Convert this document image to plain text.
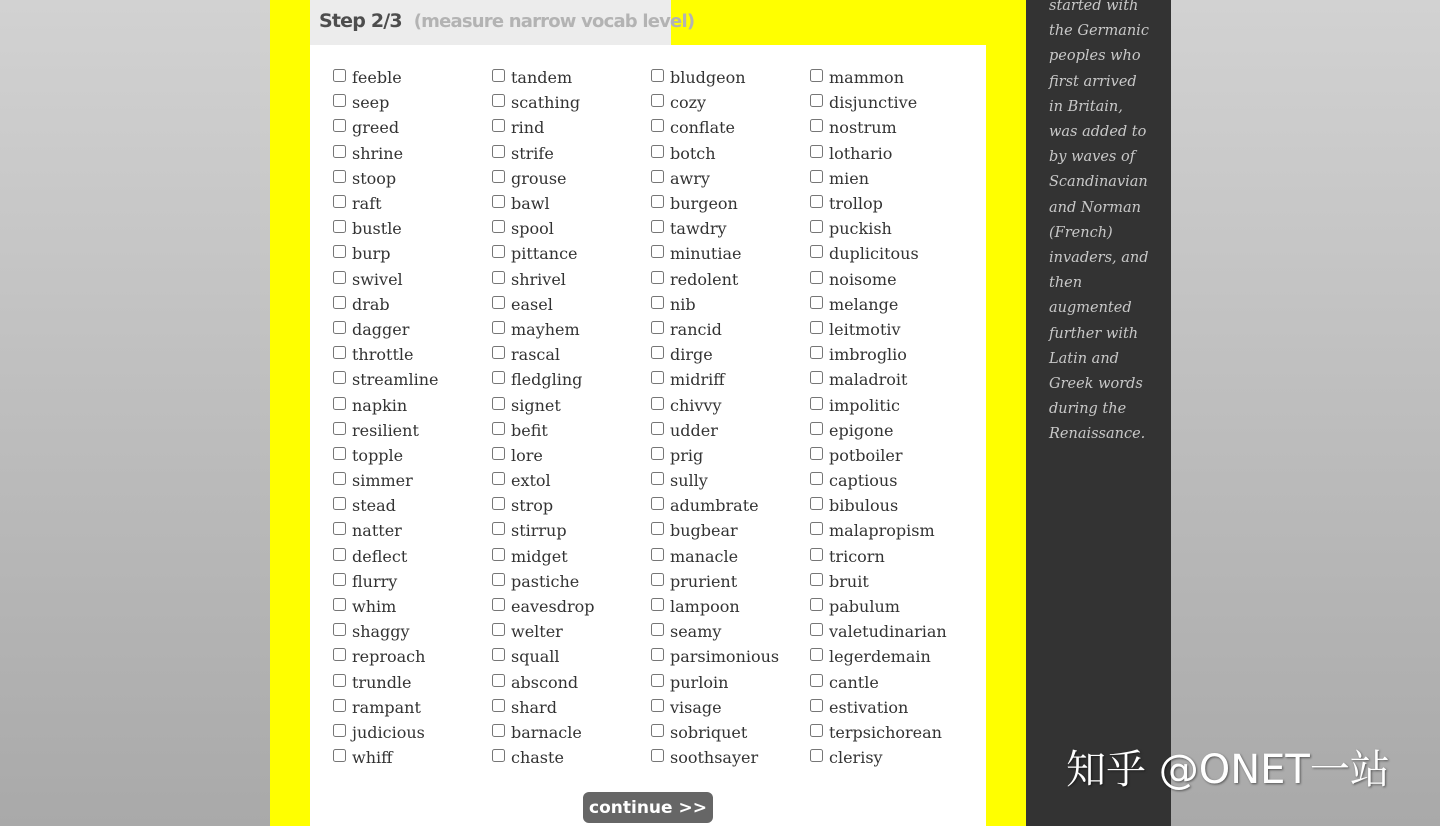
started with
the Germanic
peoples who
first arrived
in Britain,
was added to
by waves of
Scandinavian
and Norman
(French)
invaders, and
then
augmented
further with
Latin and
Greek words
during the
Renaissance.
Step 2/3 (measure narrow vocab level)
feeble	tandem	bludgeon	mammon
seep	scathing	cozy	disjunctive
greed	rind	conflate	nostrum
shrine	strife	botch	lothario
stoop	grouse	awry	mien
raft	bawl	burgeon	trollop
bustle	spool	tawdry	puckish
burp	pittance	minutiae	duplicitous
swivel	shrivel	redolent	noisome
drab	easel	nib	melange
dagger	mayhem	rancid	leitmotiv
throttle	rascal	dirge	imbroglio
streamline	fledgling	midriff	maladroit
napkin	signet	chivvy	impolitic
resilient	befit	udder	epigone
topple	lore	prig	potboiler
simmer	extol	sully	captious
stead	strop	adumbrate	bibulous
natter	stirrup	bugbear	malapropism
deflect	midget	manacle	tricorn
flurry	pastiche	prurient	bruit
whim	eavesdrop	lampoon	pabulum
shaggy	welter	seamy	valetudinarian
reproach	squall	parsimonious	legerdemain
trundle	abscond	purloin	cantle
rampant	shard	visage	estivation
judicious	barnacle	sobriquet	terpsichorean
whiff	chaste	soothsayer	clerisy
continue >>
知乎 @ONET一站
